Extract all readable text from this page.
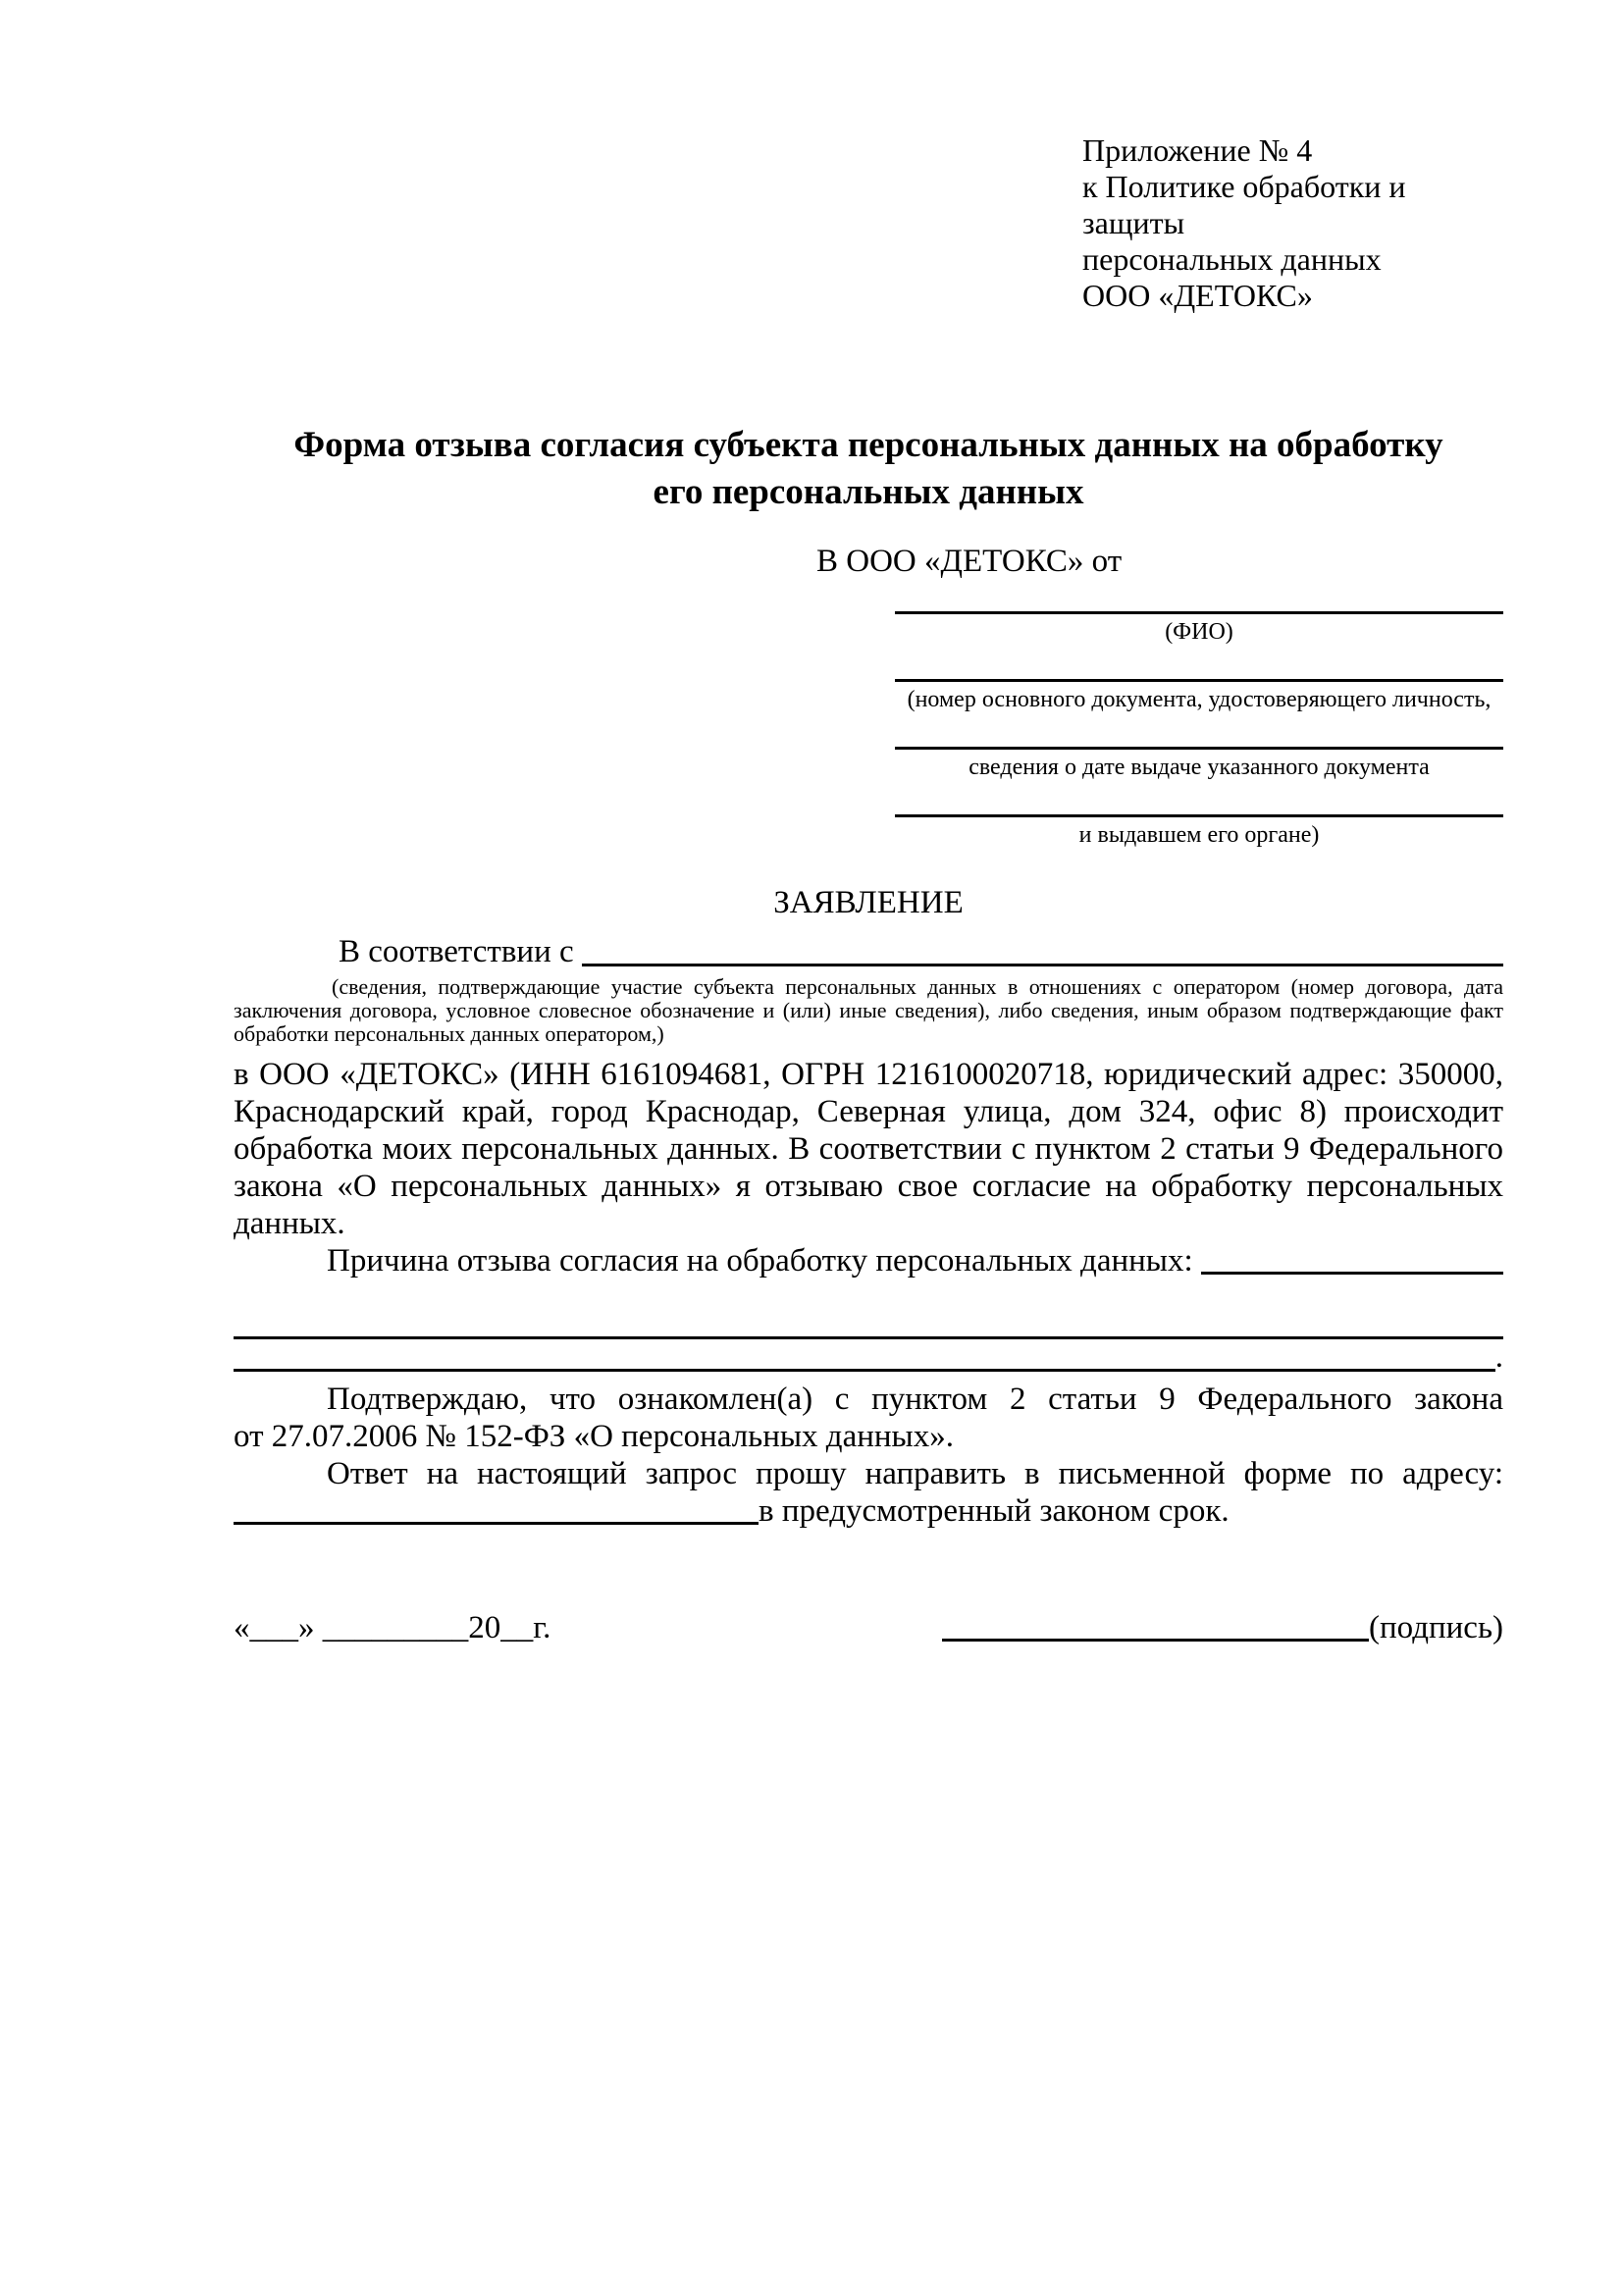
Приложение № 4
к Политике обработки и защиты
персональных данных
ООО «ДЕТОКС»
Форма отзыва согласия субъекта персональных данных на обработку
его персональных данных
В ООО «ДЕТОКС» от
(ФИО)
(номер основного документа, удостоверяющего личность,
сведения о дате выдаче указанного документа
и выдавшем его органе)
ЗАЯВЛЕНИЕ
В соответствии с
(сведения, подтверждающие участие субъекта персональных данных в отношениях с оператором (номер договора, дата
заключения договора, условное словесное обозначение и (или) иные сведения), либо сведения, иным образом подтверждающие факт
обработки персональных данных оператором,)
в ООО «ДЕТОКС» (ИНН 6161094681, ОГРН 1216100020718, юридический адрес: 350000,
Краснодарский край, город Краснодар, Северная улица, дом 324, офис 8) происходит
обработка моих персональных данных. В соответствии с пунктом 2 статьи 9 Федерального
закона «О персональных данных» я отзываю свое согласие на обработку персональных
данных.
Причина отзыва согласия на обработку персональных данных:
.
Подтверждаю, что ознакомлен(а) с пунктом 2 статьи 9 Федерального закона
от 27.07.2006 № 152-ФЗ «О персональных данных».
Ответ на настоящий запрос прошу направить в письменной форме по адресу:
в предусмотренный законом срок.
«___» _________20__г.	(подпись)
